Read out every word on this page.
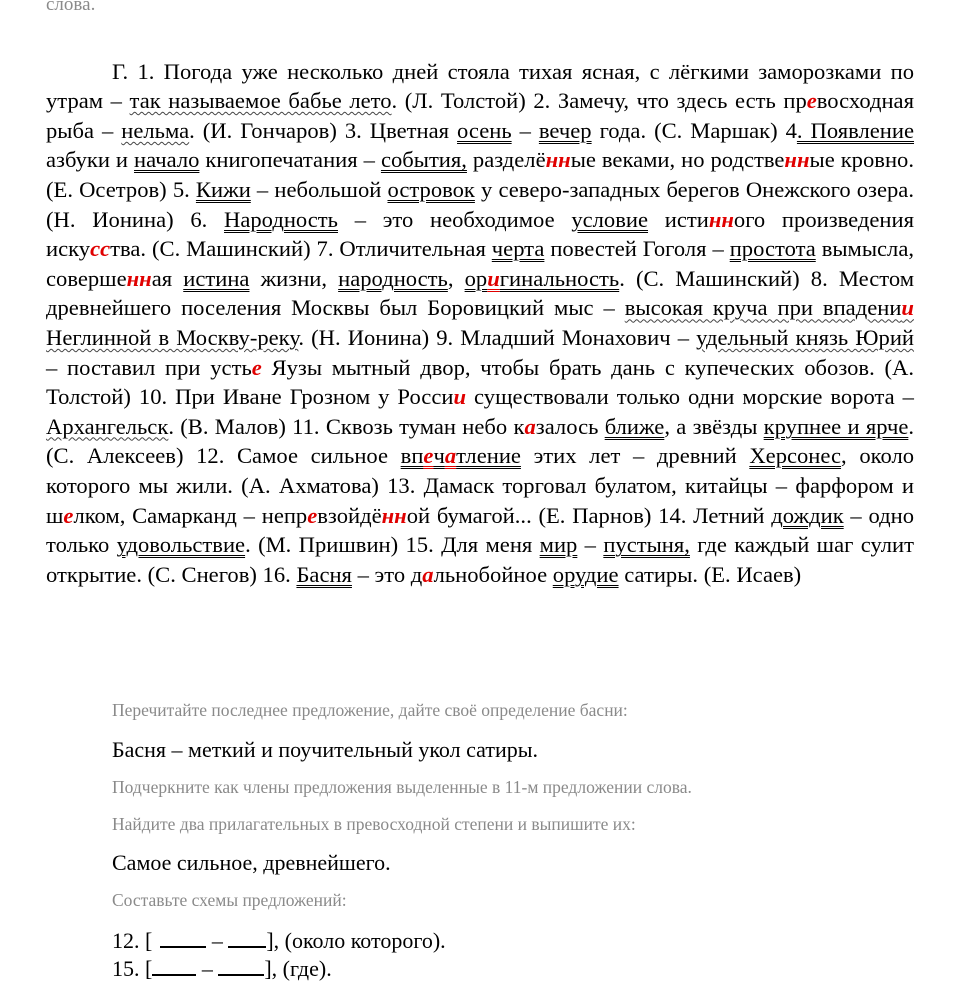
слова.

Г. 1. Погода уже несколько дней стояла тихая ясная, с лёгкими заморозками по утрам – так называемое бабье лето. (Л. Толстой) 2. Замечу, что здесь есть превосходная рыба – нельма. (И. Гончаров) 3. Цветная осень – вечер года. (С. Маршак) 4. Появление азбуки и начало книгопечатания – события, разделённые веками, но родственные кровно. (Е. Осетров) 5. Кижи – небольшой островок у северо-западных берегов Онежского озера. (Н. Ионина) 6. Народность – это необходимое условие истинного произведения искусства. (С. Машинский) 7. Отличительная черта повестей Гоголя – простота вымысла, совершенная истина жизни, народность, оригинальность. (С. Машинский) 8. Местом древнейшего поселения Москвы был Боровицкий мыс – высокая круча при впадении Неглинной в Москву-реку. (Н. Ионина) 9. Младший Монахович – удельный князь Юрий – поставил при устье Яузы мытный двор, чтобы брать дань с купеческих обозов. (А. Толстой) 10. При Иване Грозном у России существовали только одни морские ворота – Архангельск. (В. Малов) 11. Сквозь туман небо казалось ближе, а звёзды крупнее и ярче. (С. Алексеев) 12. Самое сильное впечатление этих лет – древний Херсонес, около которого мы жили. (А. Ахматова) 13. Дамаск торговал булатом, китайцы – фарфором и шелком, Самарканд – непревзойдённой бумагой... (Е. Парнов) 14. Летний дождик – одно только удовольствие. (М. Пришвин) 15. Для меня мир – пустыня, где каждый шаг сулит открытие. (С. Снегов) 16. Басня – это дальнобойное орудие сатиры. (Е. Исаев)

Перечитайте последнее предложение, дайте своё определение басни:
Басня – меткий и поучительный укол сатиры.
Подчеркните как члены предложения выделенные в 11-м предложении слова.
Найдите два прилагательных в превосходной степени и выпишите их:
Самое сильное, древнейшего.
Составьте схемы предложений:
12. [ – ], (около которого).
15. [ – ], (где).
